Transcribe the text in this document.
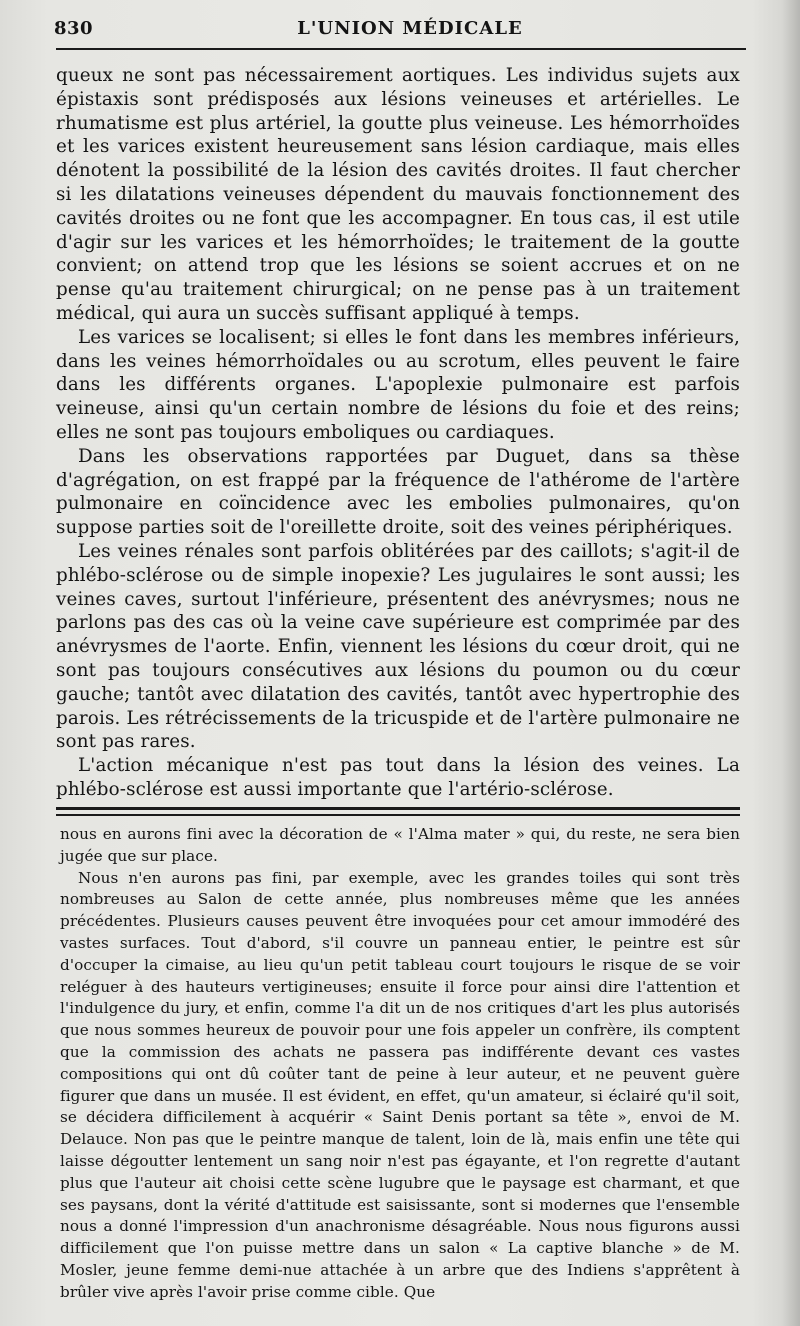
830	L'UNION MÉDICALE

queux ne sont pas nécessairement aortiques. Les individus sujets aux épistaxis sont prédisposés aux lésions veineuses et artérielles. Le rhumatisme est plus artériel, la goutte plus veineuse. Les hémorrhoïdes et les varices existent heureusement sans lésion cardiaque, mais elles dénotent la possibilité de la lésion des cavités droites. Il faut chercher si les dilatations veineuses dépendent du mauvais fonctionnement des cavités droites ou ne font que les accompagner. En tous cas, il est utile d'agir sur les varices et les hémorrhoïdes; le traitement de la goutte convient; on attend trop que les lésions se soient accrues et on ne pense qu'au traitement chirurgical; on ne pense pas à un traitement médical, qui aura un succès suffisant appliqué à temps.

Les varices se localisent; si elles le font dans les membres inférieurs, dans les veines hémorrhoïdales ou au scrotum, elles peuvent le faire dans les différents organes. L'apoplexie pulmonaire est parfois veineuse, ainsi qu'un certain nombre de lésions du foie et des reins; elles ne sont pas toujours emboliques ou cardiaques.

Dans les observations rapportées par Duguet, dans sa thèse d'agrégation, on est frappé par la fréquence de l'athérome de l'artère pulmonaire en coïncidence avec les embolies pulmonaires, qu'on suppose parties soit de l'oreillette droite, soit des veines périphériques.

Les veines rénales sont parfois oblitérées par des caillots; s'agit-il de phlébo-sclérose ou de simple inopexie? Les jugulaires le sont aussi; les veines caves, surtout l'inférieure, présentent des anévrysmes; nous ne parlons pas des cas où la veine cave supérieure est comprimée par des anévrysmes de l'aorte. Enfin, viennent les lésions du cœur droit, qui ne sont pas toujours consécutives aux lésions du poumon ou du cœur gauche; tantôt avec dilatation des cavités, tantôt avec hypertrophie des parois. Les rétrécissements de la tricuspide et de l'artère pulmonaire ne sont pas rares.

L'action mécanique n'est pas tout dans la lésion des veines. La phlébo-sclérose est aussi importante que l'artério-sclérose.

nous en aurons fini avec la décoration de « l'Alma mater » qui, du reste, ne sera bien jugée que sur place.

Nous n'en aurons pas fini, par exemple, avec les grandes toiles qui sont très nombreuses au Salon de cette année, plus nombreuses même que les années précédentes. Plusieurs causes peuvent être invoquées pour cet amour immodéré des vastes surfaces. Tout d'abord, s'il couvre un panneau entier, le peintre est sûr d'occuper la cimaise, au lieu qu'un petit tableau court toujours le risque de se voir reléguer à des hauteurs vertigineuses; ensuite il force pour ainsi dire l'attention et l'indulgence du jury, et enfin, comme l'a dit un de nos critiques d'art les plus autorisés que nous sommes heureux de pouvoir pour une fois appeler un confrère, ils comptent que la commission des achats ne passera pas indifférente devant ces vastes compositions qui ont dû coûter tant de peine à leur auteur, et ne peuvent guère figurer que dans un musée. Il est évident, en effet, qu'un amateur, si éclairé qu'il soit, se décidera difficilement à acquérir « Saint Denis portant sa tête », envoi de M. Delauce. Non pas que le peintre manque de talent, loin de là, mais enfin une tête qui laisse dégoutter lentement un sang noir n'est pas égayante, et l'on regrette d'autant plus que l'auteur ait choisi cette scène lugubre que le paysage est charmant, et que ses paysans, dont la vérité d'attitude est saisissante, sont si modernes que l'ensemble nous a donné l'impression d'un anachronisme désagréable. Nous nous figurons aussi difficilement que l'on puisse mettre dans un salon « La captive blanche » de M. Mosler, jeune femme demi-nue attachée à un arbre que des Indiens s'apprêtent à brûler vive après l'avoir prise comme cible. Que
